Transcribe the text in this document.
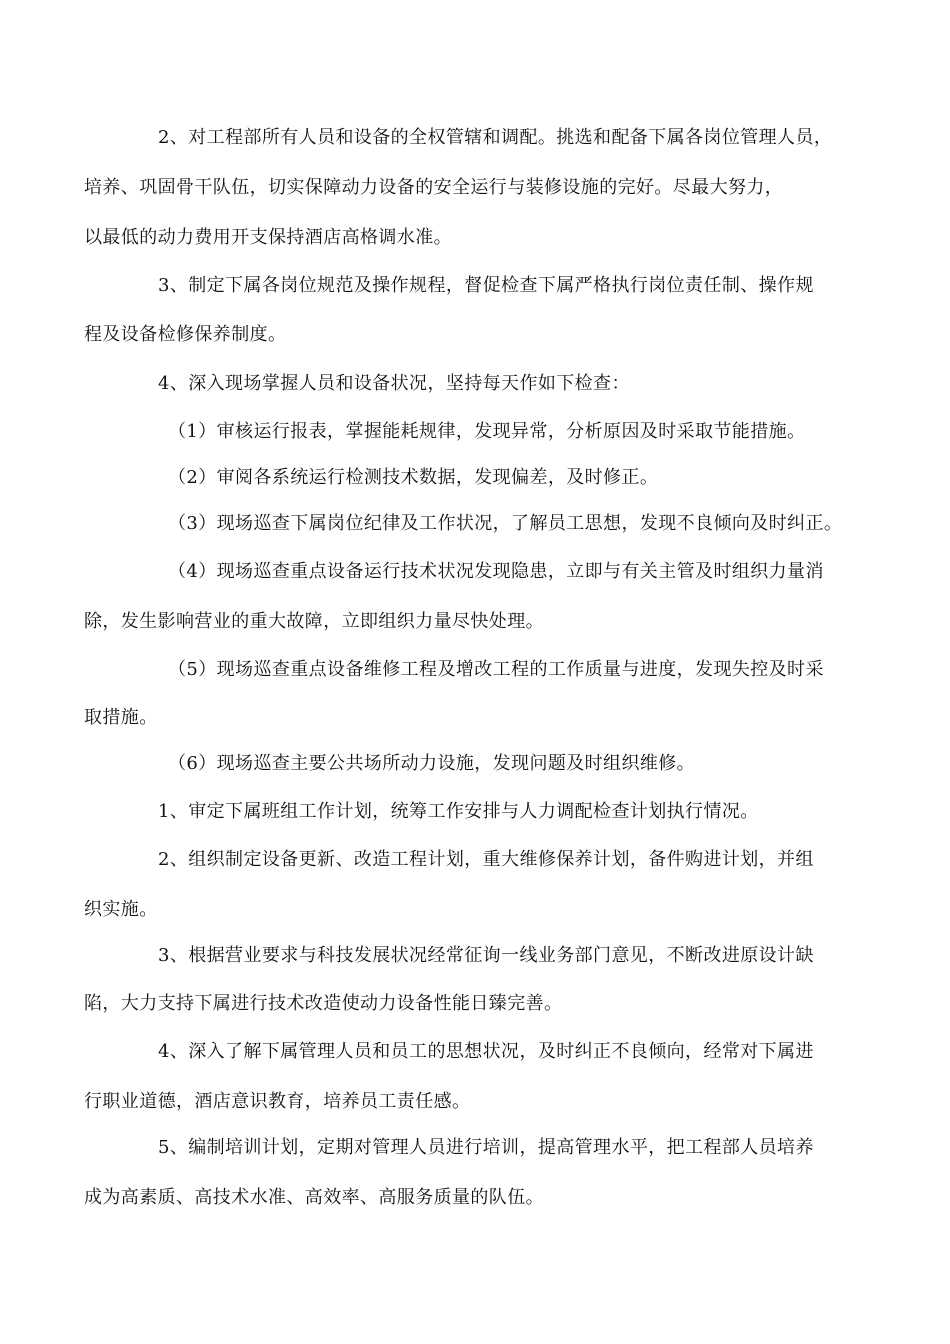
2、对工程部所有人员和设备的全权管辖和调配。挑选和配备下属各岗位管理人员，
培养、巩固骨干队伍，切实保障动力设备的安全运行与装修设施的完好。尽最大努力，
以最低的动力费用开支保持酒店高格调水准。
3、制定下属各岗位规范及操作规程，督促检查下属严格执行岗位责任制、操作规
程及设备检修保养制度。
4、深入现场掌握人员和设备状况，坚持每天作如下检查：
（1）审核运行报表，掌握能耗规律，发现异常，分析原因及时采取节能措施。
（2）审阅各系统运行检测技术数据，发现偏差，及时修正。
（3）现场巡查下属岗位纪律及工作状况，了解员工思想，发现不良倾向及时纠正。
（4）现场巡查重点设备运行技术状况发现隐患，立即与有关主管及时组织力量消
除，发生影响营业的重大故障，立即组织力量尽快处理。
（5）现场巡查重点设备维修工程及增改工程的工作质量与进度，发现失控及时采
取措施。
（6）现场巡查主要公共场所动力设施，发现问题及时组织维修。
1、审定下属班组工作计划，统筹工作安排与人力调配检查计划执行情况。
2、组织制定设备更新、改造工程计划，重大维修保养计划，备件购进计划，并组
织实施。
3、根据营业要求与科技发展状况经常征询一线业务部门意见，不断改进原设计缺
陷，大力支持下属进行技术改造使动力设备性能日臻完善。
4、深入了解下属管理人员和员工的思想状况，及时纠正不良倾向，经常对下属进
行职业道德，酒店意识教育，培养员工责任感。
5、编制培训计划，定期对管理人员进行培训，提高管理水平，把工程部人员培养
成为高素质、高技术水准、高效率、高服务质量的队伍。
